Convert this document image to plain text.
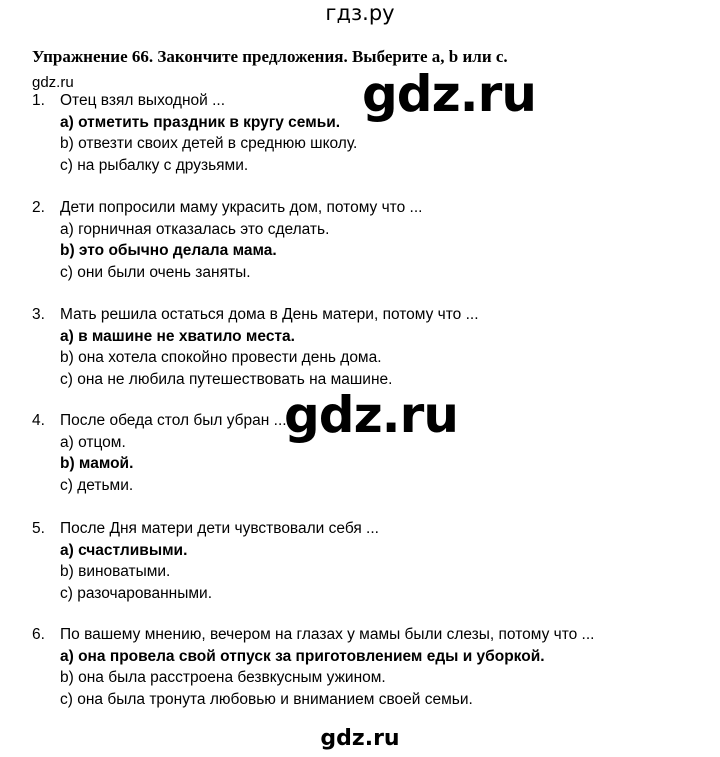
гдз.ру
Упражнение 66. Закончите предложения. Выберите a, b или c.
gdz.ru
1. Отец взял выходной ...
a) отметить праздник в кругу семьи.
b) отвезти своих детей в среднюю школу.
c) на рыбалку с друзьями.
2. Дети попросили маму украсить дом, потому что ...
a) горничная отказалась это сделать.
b) это обычно делала мама.
c) они были очень заняты.
3. Мать решила остаться дома в День матери, потому что ...
a) в машине не хватило места.
b) она хотела спокойно провести день дома.
c) она не любила путешествовать на машине.
4. После обеда стол был убран ...
a) отцом.
b) мамой.
c) детьми.
5. После Дня матери дети чувствовали себя ...
a) счастливыми.
b) виноватыми.
c) разочарованными.
6. По вашему мнению, вечером на глазах у мамы были слезы, потому что ...
a) она провела свой отпуск за приготовлением еды и уборкой.
b) она была расстроена безвкусным ужином.
c) она была тронута любовью и вниманием своей семьи.
gdz.ru
gdz.ru
gdz.ru
